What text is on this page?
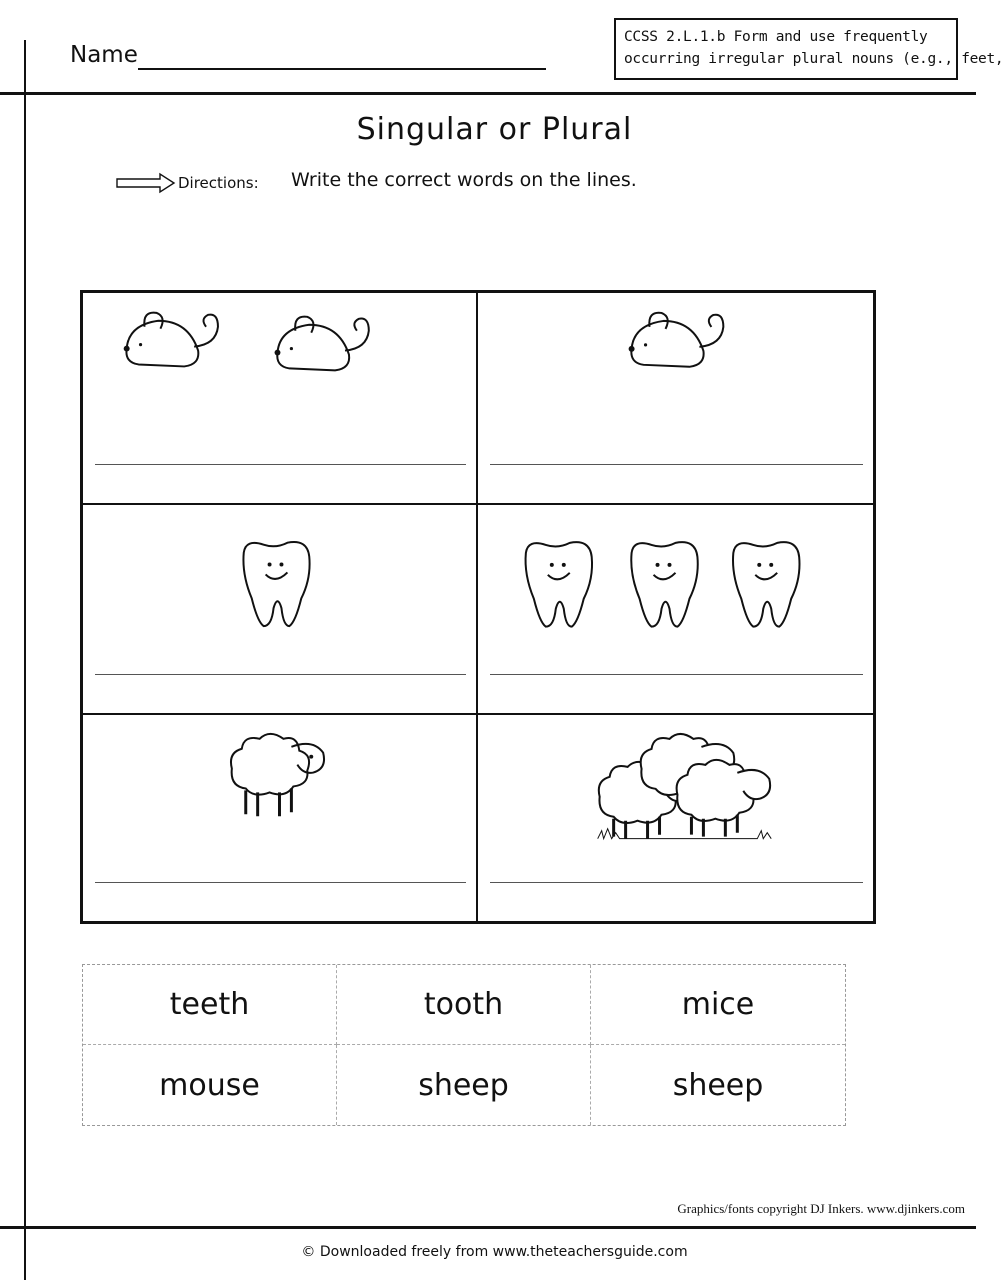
Name
CCSS 2.L.1.b Form and use frequently
occurring irregular plural nouns (e.g., feet,
Singular or Plural
Directions: Write the correct words on the lines.
teeth	tooth	mice
mouse	sheep	sheep
Graphics/fonts copyright DJ Inkers. www.djinkers.com
© Downloaded freely from www.theteachersguide.com
